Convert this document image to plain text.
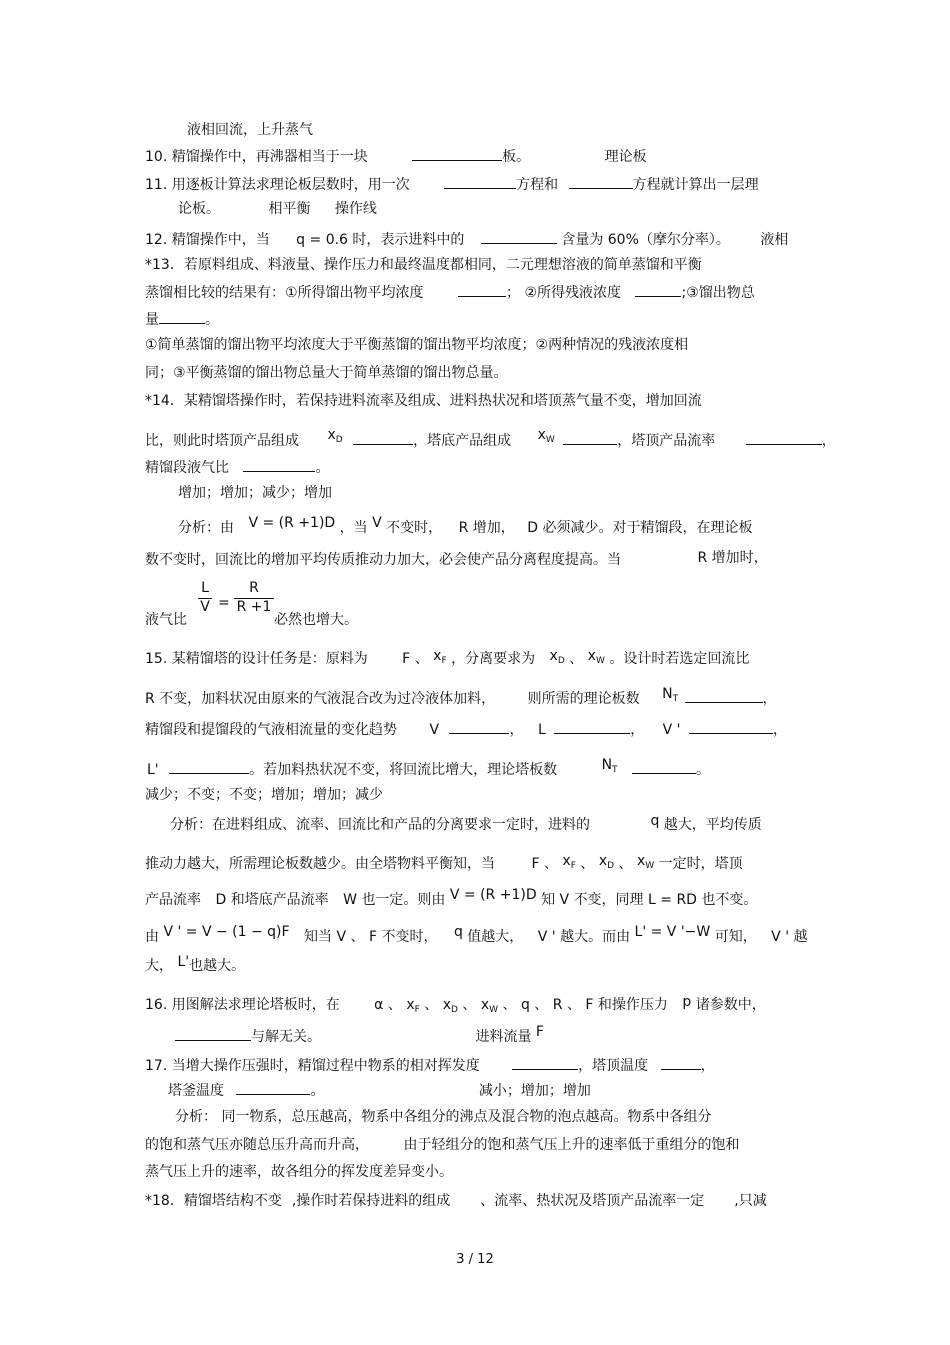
液相回流，上升蒸气
10. 精馏操作中，再沸器相当于一块	板。	理论板
11. 用逐板计算法求理论板层数时，用一次	方程和	方程就计算出一层理
论板。	相平衡 操作线
12. 精馏操作中，当 q = 0.6 时，表示进料中的	含量为 60%（摩尔分率）。 液相
*13．若原料组成、料液量、操作压力和最终温度都相同，二元理想溶液的简单蒸馏和平衡
蒸馏相比较的结果有：①所得馏出物平均浓度	； ②所得残液浓度	;③馏出物总
量	。
①简单蒸馏的馏出物平均浓度大于平衡蒸馏的馏出物平均浓度；②两种情况的残液浓度相
同；③平衡蒸馏的馏出物总量大于简单蒸馏的馏出物总量。
*14．某精馏塔操作时，若保持进料流率及组成、进料热状况和塔顶蒸气量不变，增加回流
比，则此时塔顶产品组成 $x_D$	，塔底产品组成 $x_W$	，塔顶产品流率	，
精馏段液气比	。
增加；增加；减少；增加
分析：由 V = (R +1)D ，当 V 不变时， R 增加， D 必须减少。对于精馏段，在理论板
数不变时，回流比的增加平均传质推动力加大，必会使产品分离程度提高。当	R 增加时，
液气比
L
V =
R
R +1
必然也增大。
15. 某精馏塔的设计任务是：原料为 F 、 $x_F$ ，分离要求为 $x_D$ 、 $x_W$ 。设计时若选定回流比
R 不变，加料状况由原来的气液混合改为过冷液体加料， 则所需的理论板数 $N_T$	，
精馏段和提馏段的气液相流量的变化趋势 V	， L	， V '	，
L'	。若加料热状况不变，将回流比增大，理论塔板数	$N_T$	。
减少；不变；不变；增加；增加；减少
分析：在进料组成、流率、回流比和产品的分离要求一定时，进料的	q 越大，平均传质
推动力越大，所需理论板数越少。由全塔物料平衡知，当	F 、 $x_F$ 、 $x_D$ 、 $x_W$ 一定时，塔顶
产品流率 D 和塔底产品流率 W 也一定。则由 V = (R +1)D 知 V 不变，同理 L = RD 也不变。
由 V ' = V − (1 − q)F 知当 V 、 F 不变时， q 值越大， V ' 越大。而由 L' = V '−W 可知， V ' 越
大， L'也越大。
16. 用图解法求理论塔板时，在 α 、 $x_F$ 、 $x_D$ 、 $x_W$ 、 q 、 R 、 F 和操作压力 p 诸参数中，
与解无关。	进料流量 F
17. 当增大操作压强时，精馏过程中物系的相对挥发度	，塔顶温度	，
塔釜温度	。	减小；增加；增加
分析： 同一物系，总压越高，物系中各组分的沸点及混合物的泡点越高。物系中各组分
的饱和蒸气压亦随总压升高而升高， 由于轻组分的饱和蒸气压上升的速率低于重组分的饱和
蒸气压上升的速率，故各组分的挥发度差异变小。
*18．精馏塔结构不变 ,操作时若保持进料的组成 、流率、热状况及塔顶产品流率一定 ,只减
3 / 12
